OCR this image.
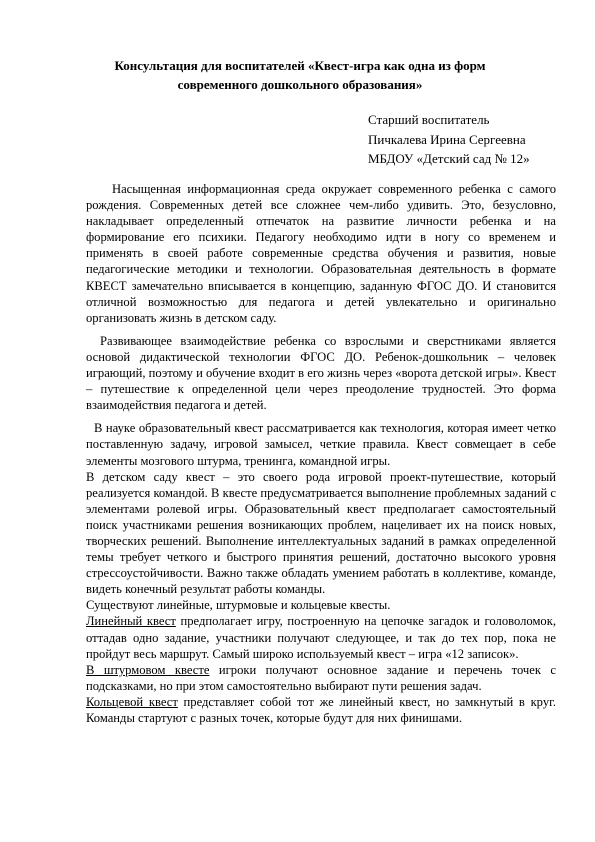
Консультация для воспитателей «Квест-игра как одна из форм
современного дошкольного образования»
Старший воспитатель
Пичкалева Ирина Сергеевна
МБДОУ «Детский сад № 12»

Насыщенная информационная среда окружает современного ребенка с самого рождения. Современных детей все сложнее чем-либо удивить. Это, безусловно, накладывает определенный отпечаток на развитие личности ребенка и на формирование его психики. Педагогу необходимо идти в ногу со временем и применять в своей работе современные средства обучения и развития, новые педагогические методики и технологии. Образовательная деятельность в формате КВЕСТ замечательно вписывается в концепцию, заданную ФГОС ДО. И становится отличной возможностью для педагога и детей увлекательно и оригинально организовать жизнь в детском саду.

Развивающее взаимодействие ребенка со взрослыми и сверстниками является основой дидактической технологии ФГОС ДО. Ребенок-дошкольник – человек играющий, поэтому и обучение входит в его жизнь через «ворота детской игры». Квест – путешествие к определенной цели через преодоление трудностей. Это форма взаимодействия педагога и детей.

В науке образовательный квест рассматривается как технология, которая имеет четко поставленную задачу, игровой замысел, четкие правила. Квест совмещает в себе элементы мозгового штурма, тренинга, командной игры.

В детском саду квест – это своего рода игровой проект-путешествие, который реализуется командой. В квесте предусматривается выполнение проблемных заданий с элементами ролевой игры. Образовательный квест предполагает самостоятельный поиск участниками решения возникающих проблем, нацеливает их на поиск новых, творческих решений. Выполнение интеллектуальных заданий в рамках определенной темы требует четкого и быстрого принятия решений, достаточно высокого уровня стрессоустойчивости. Важно также обладать умением работать в коллективе, команде, видеть конечный результат работы команды.

Существуют линейные, штурмовые и кольцевые квесты.

Линейный квест предполагает игру, построенную на цепочке загадок и головоломок, оттадав одно задание, участники получают следующее, и так до тех пор, пока не пройдут весь маршрут. Самый широко используемый квест – игра «12 записок».

В штурмовом квесте игроки получают основное задание и перечень точек с подсказками, но при этом самостоятельно выбирают пути решения задач.

Кольцевой квест представляет собой тот же линейный квест, но замкнутый в круг. Команды стартуют с разных точек, которые будут для них финишами.
